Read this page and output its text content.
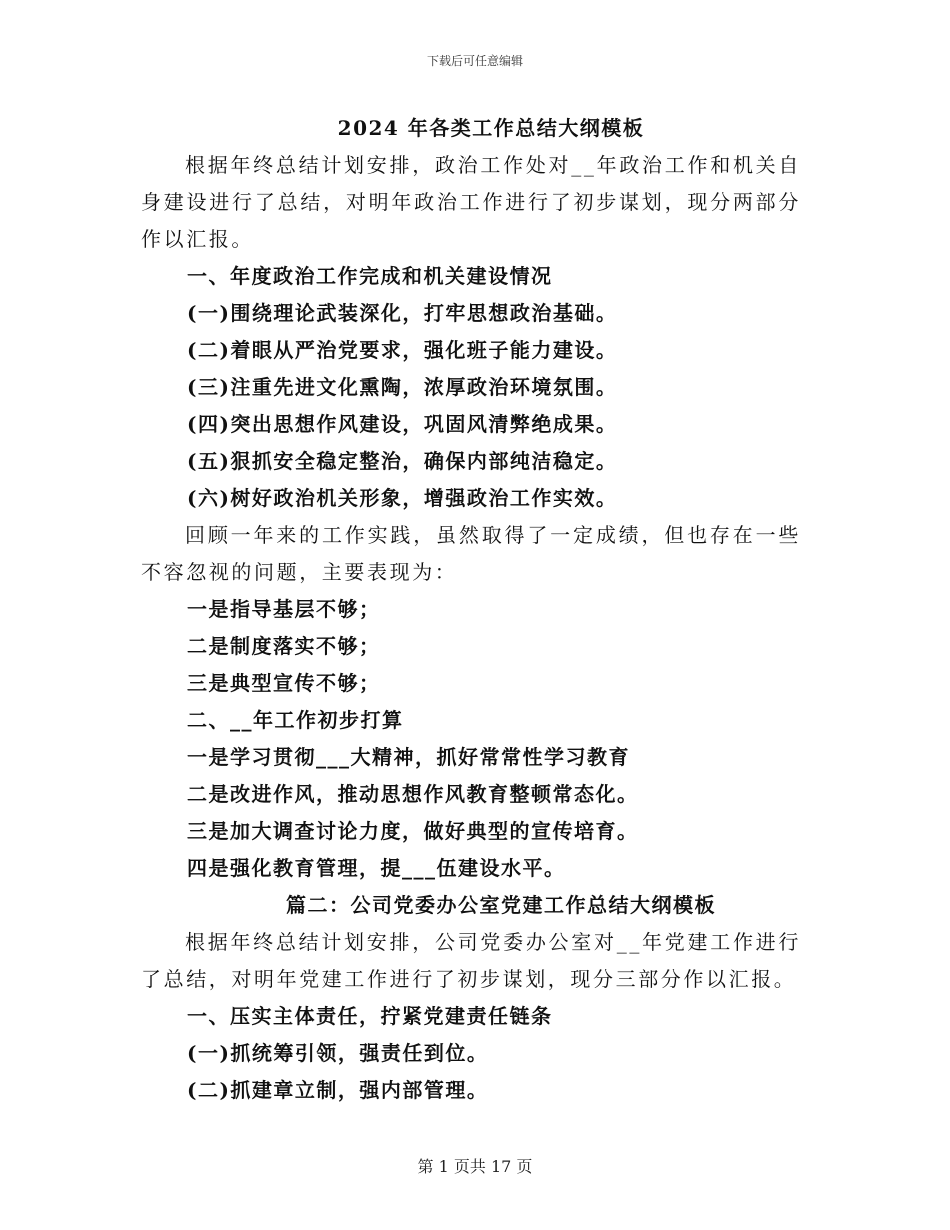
下载后可任意编辑
2024 年各类工作总结大纲模板
根据年终总结计划安排，政治工作处对__年政治工作和机关自身建设进行了总结，对明年政治工作进行了初步谋划，现分两部分作以汇报。
一、年度政治工作完成和机关建设情况
(一)围绕理论武装深化，打牢思想政治基础。
(二)着眼从严治党要求，强化班子能力建设。
(三)注重先进文化熏陶，浓厚政治环境氛围。
(四)突出思想作风建设，巩固风清弊绝成果。
(五)狠抓安全稳定整治，确保内部纯洁稳定。
(六)树好政治机关形象，增强政治工作实效。
回顾一年来的工作实践，虽然取得了一定成绩，但也存在一些不容忽视的问题，主要表现为：
一是指导基层不够；
二是制度落实不够；
三是典型宣传不够；
二、__年工作初步打算
一是学习贯彻___大精神，抓好常常性学习教育
二是改进作风，推动思想作风教育整顿常态化。
三是加大调查讨论力度，做好典型的宣传培育。
四是强化教育管理，提___伍建设水平。
篇二：公司党委办公室党建工作总结大纲模板
根据年终总结计划安排，公司党委办公室对__年党建工作进行了总结，对明年党建工作进行了初步谋划，现分三部分作以汇报。
一、压实主体责任，拧紧党建责任链条
(一)抓统筹引领，强责任到位。
(二)抓建章立制，强内部管理。
第 1 页共 17 页
